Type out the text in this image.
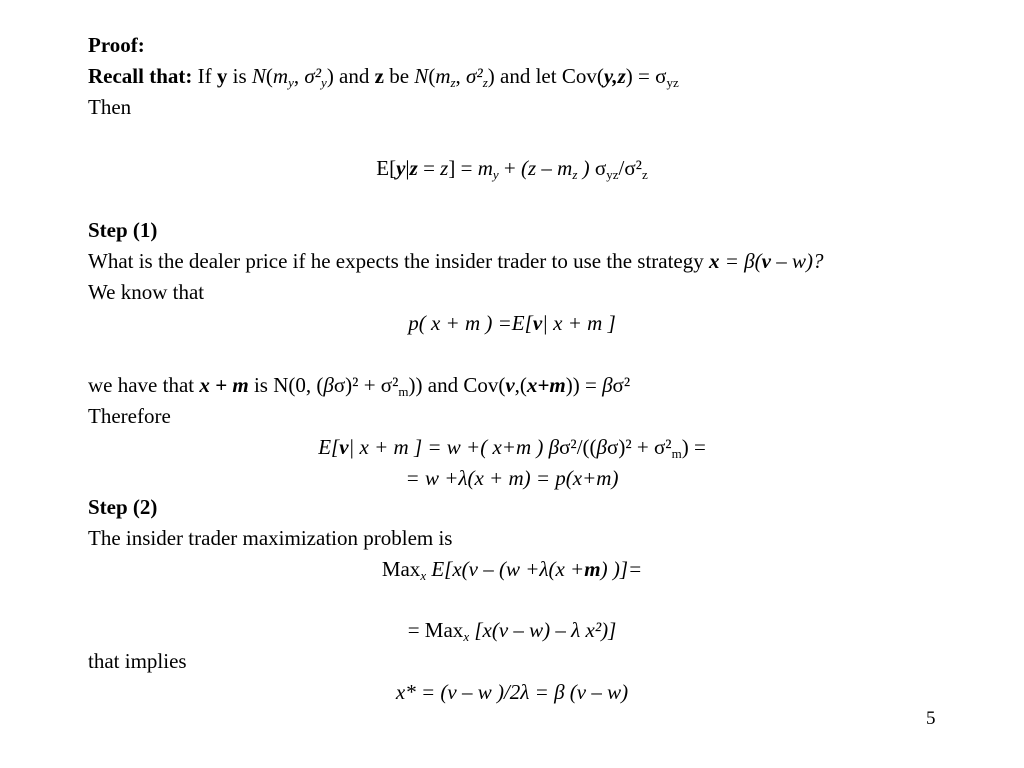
Proof:
Recall that: If y is $N(m_y$, $\sigma^2_y$) and z be $N(m_z$, $\sigma^2_z$) and let $Cov(y,z) = \sigma_{yz}$
Then
$E[y|z = z] = m_y + (z - m_z$ ) $\sigma_{yz}/\sigma^2_z$
Step (1)
What is the dealer price if he expects the insider trader to use the strategy x = β(v – w)?
We know that
p( x + m ) =E[v| x + m ]
we have that x + m is N(0, $(\beta\sigma)^2 + \sigma^2_m$)) and Cov(v,(x+m)) = βσ²
Therefore
E[v| x + m ] = w +( x+m ) $\beta\sigma^2/((\beta\sigma)^2 + \sigma^2_m)$ =
= w +λ(x + m) = p(x+m)
Step (2)
The insider trader maximization problem is
Max$_x$ E[x(v – (w +λ(x +m) )]=
= Max$_x$ [x(v – w) – λ x²)]
that implies
x* = (v – w )/2λ = β (v – w)
5
